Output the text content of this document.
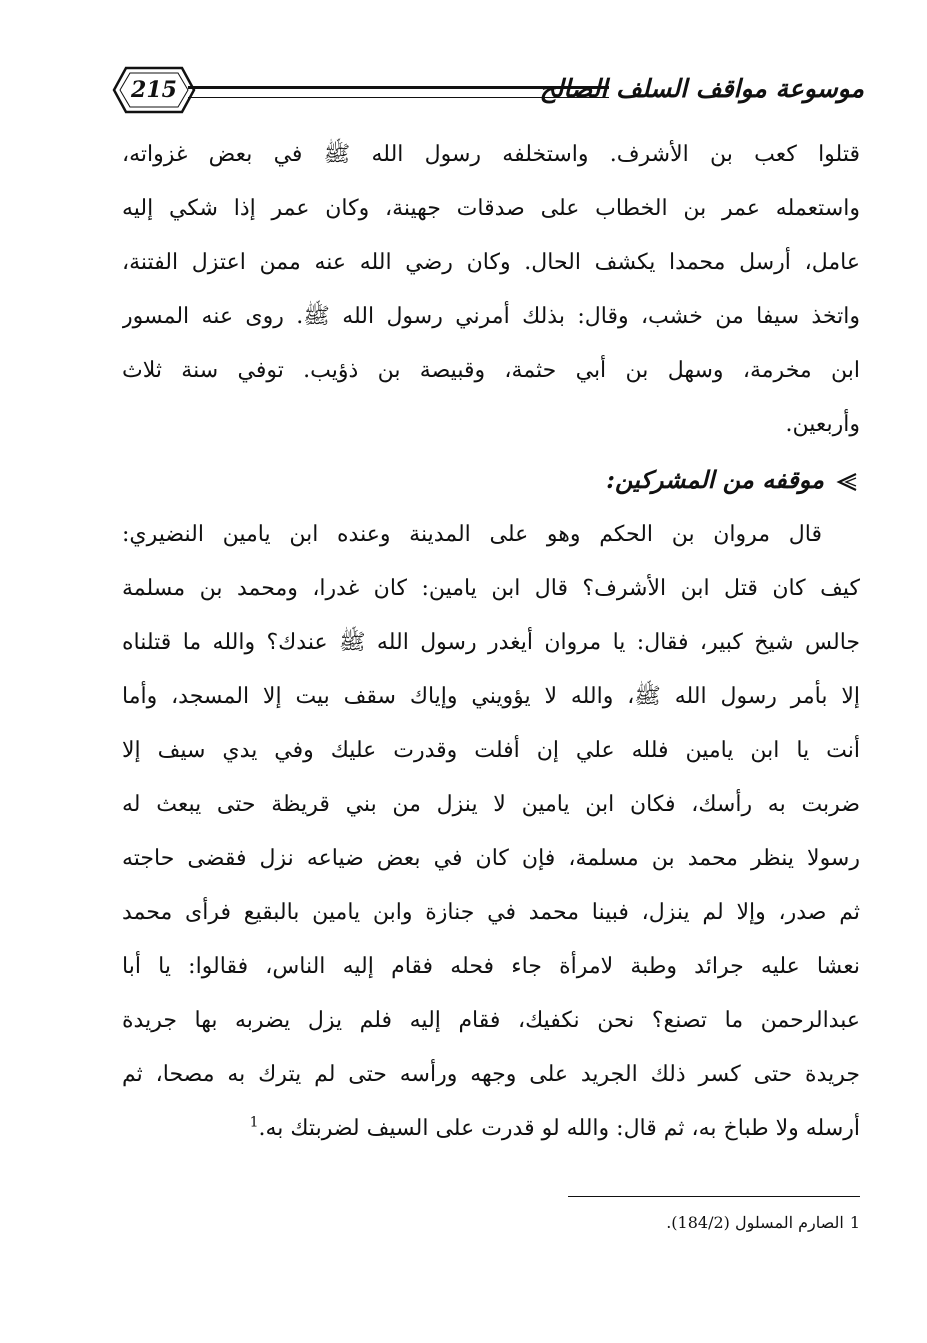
215	موسوعة مواقف السلف الصالح
قتلوا كعب بن الأشرف. واستخلفه رسول الله ﷺ في بعض غزواته،
واستعمله عمر بن الخطاب على صدقات جهينة، وكان عمر إذا شكي إليه
عامل، أرسل محمدا يكشف الحال. وكان رضي الله عنه ممن اعتزل الفتنة،
واتخذ سيفا من خشب، وقال: بذلك أمرني رسول الله ﷺ. روى عنه المسور
ابن مخرمة، وسهل بن أبي حثمة، وقبيصة بن ذؤيب. توفي سنة ثلاث
وأربعين.
موقفه من المشركين:
قال مروان بن الحكم وهو على المدينة وعنده ابن يامين النضيري:
كيف كان قتل ابن الأشرف؟ قال ابن يامين: كان غدرا، ومحمد بن مسلمة
جالس شيخ كبير، فقال: يا مروان أيغدر رسول الله ﷺ عندك؟ والله ما قتلناه
إلا بأمر رسول الله ﷺ، والله لا يؤويني وإياك سقف بيت إلا المسجد، وأما
أنت يا ابن يامين فلله علي إن أفلت وقدرت عليك وفي يدي سيف إلا
ضربت به رأسك، فكان ابن يامين لا ينزل من بني قريظة حتى يبعث له
رسولا ينظر محمد بن مسلمة، فإن كان في بعض ضياعه نزل فقضى حاجته
ثم صدر، وإلا لم ينزل، فبينا محمد في جنازة وابن يامين بالبقيع فرأى محمد
نعشا عليه جرائد وطبة لامرأة جاء فحله فقام إليه الناس، فقالوا: يا أبا
عبدالرحمن ما تصنع؟ نحن نكفيك، فقام إليه فلم يزل يضربه بها جريدة
جريدة حتى كسر ذلك الجريد على وجهه ورأسه حتى لم يترك به مصحا، ثم
أرسله ولا طباخ به، ثم قال: والله لو قدرت على السيف لضربتك به.$^1$
1الصارم المسلول (184/2).
